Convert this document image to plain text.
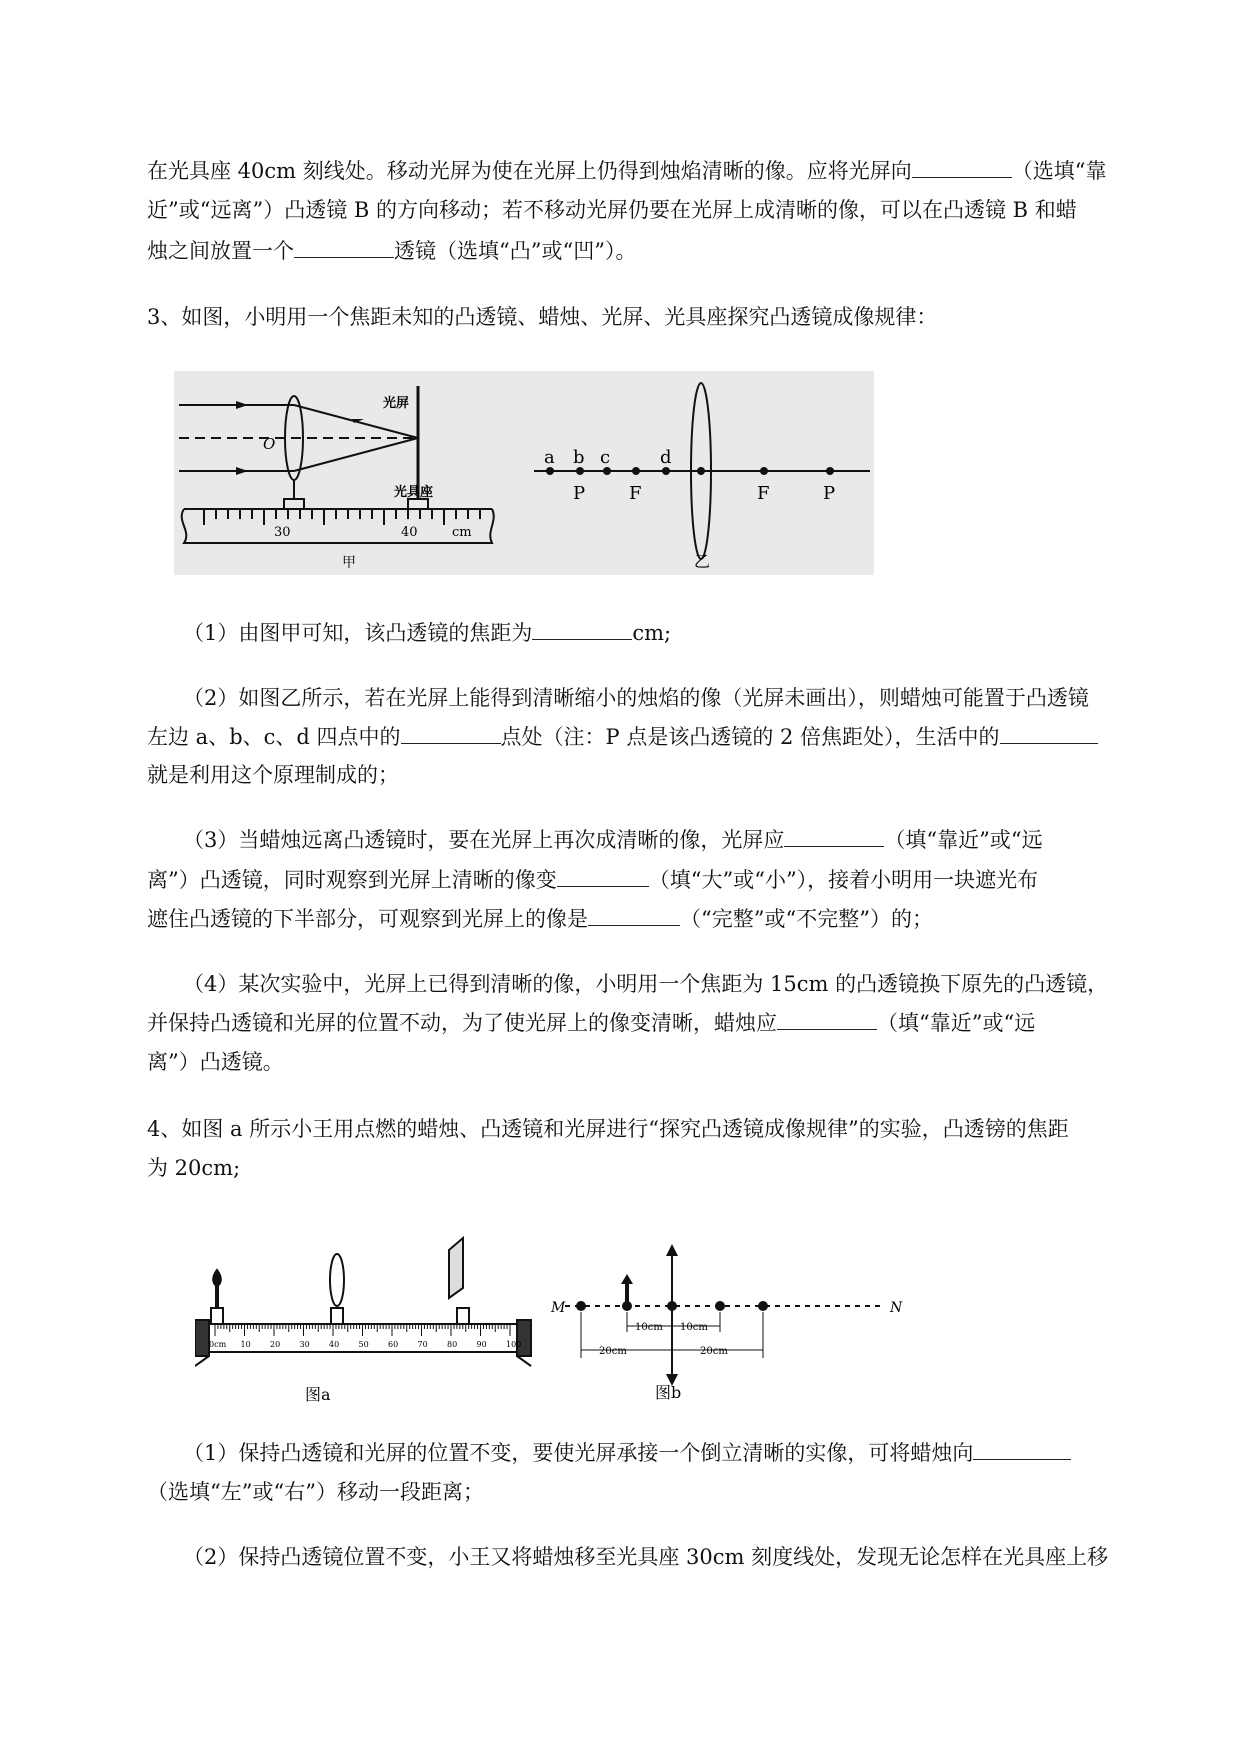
在光具座 40cm 刻线处。移动光屏为使在光屏上仍得到烛焰清晰的像。应将光屏向	（选填“靠
近”或“远离”）凸透镜 B 的方向移动；若不移动光屏仍要在光屏上成清晰的像，可以在凸透镜 B 和蜡
烛之间放置一个	透镜（选填“凸”或“凹”）。
3、如图，小明用一个焦距未知的凸透镜、蜡烛、光屏、光具座探究凸透镜成像规律：
（1）由图甲可知，该凸透镜的焦距为	cm;
（2）如图乙所示，若在光屏上能得到清晰缩小的烛焰的像（光屏未画出），则蜡烛可能置于凸透镜
左边 a、b、c、d 四点中的	点处（注：P 点是该凸透镜的 2 倍焦距处），生活中的
就是利用这个原理制成的；
（3）当蜡烛远离凸透镜时，要在光屏上再次成清晰的像，光屏应	（填“靠近”或“远
离”）凸透镜，同时观察到光屏上清晰的像变	（填“大”或“小”），接着小明用一块遮光布
遮住凸透镜的下半部分，可观察到光屏上的像是	（“完整”或“不完整”）的；
（4）某次实验中，光屏上已得到清晰的像，小明用一个焦距为 15cm 的凸透镜换下原先的凸透镜，
并保持凸透镜和光屏的位置不动，为了使光屏上的像变清晰，蜡烛应	（填“靠近”或“远
离”）凸透镜。
4、如图 a 所示小王用点燃的蜡烛、凸透镜和光屏进行“探究凸透镜成像规律”的实验，凸透镑的焦距
为 20cm;
（1）保持凸透镜和光屏的位置不变，要使光屏承接一个倒立清晰的实像，可将蜡烛向
（选填“左”或“右”）移动一段距离；
（2）保持凸透镜位置不变，小王又将蜡烛移至光具座 30cm 刻度线处，发现无论怎样在光具座上移
光屏
光具座
O
30	40	cm
甲
a b c	d
P F	F	P
乙
0cm 10 20 30 40 50 60 70 80 90 100
图a
M	N
10cm 10cm
20cm	20cm
图b
